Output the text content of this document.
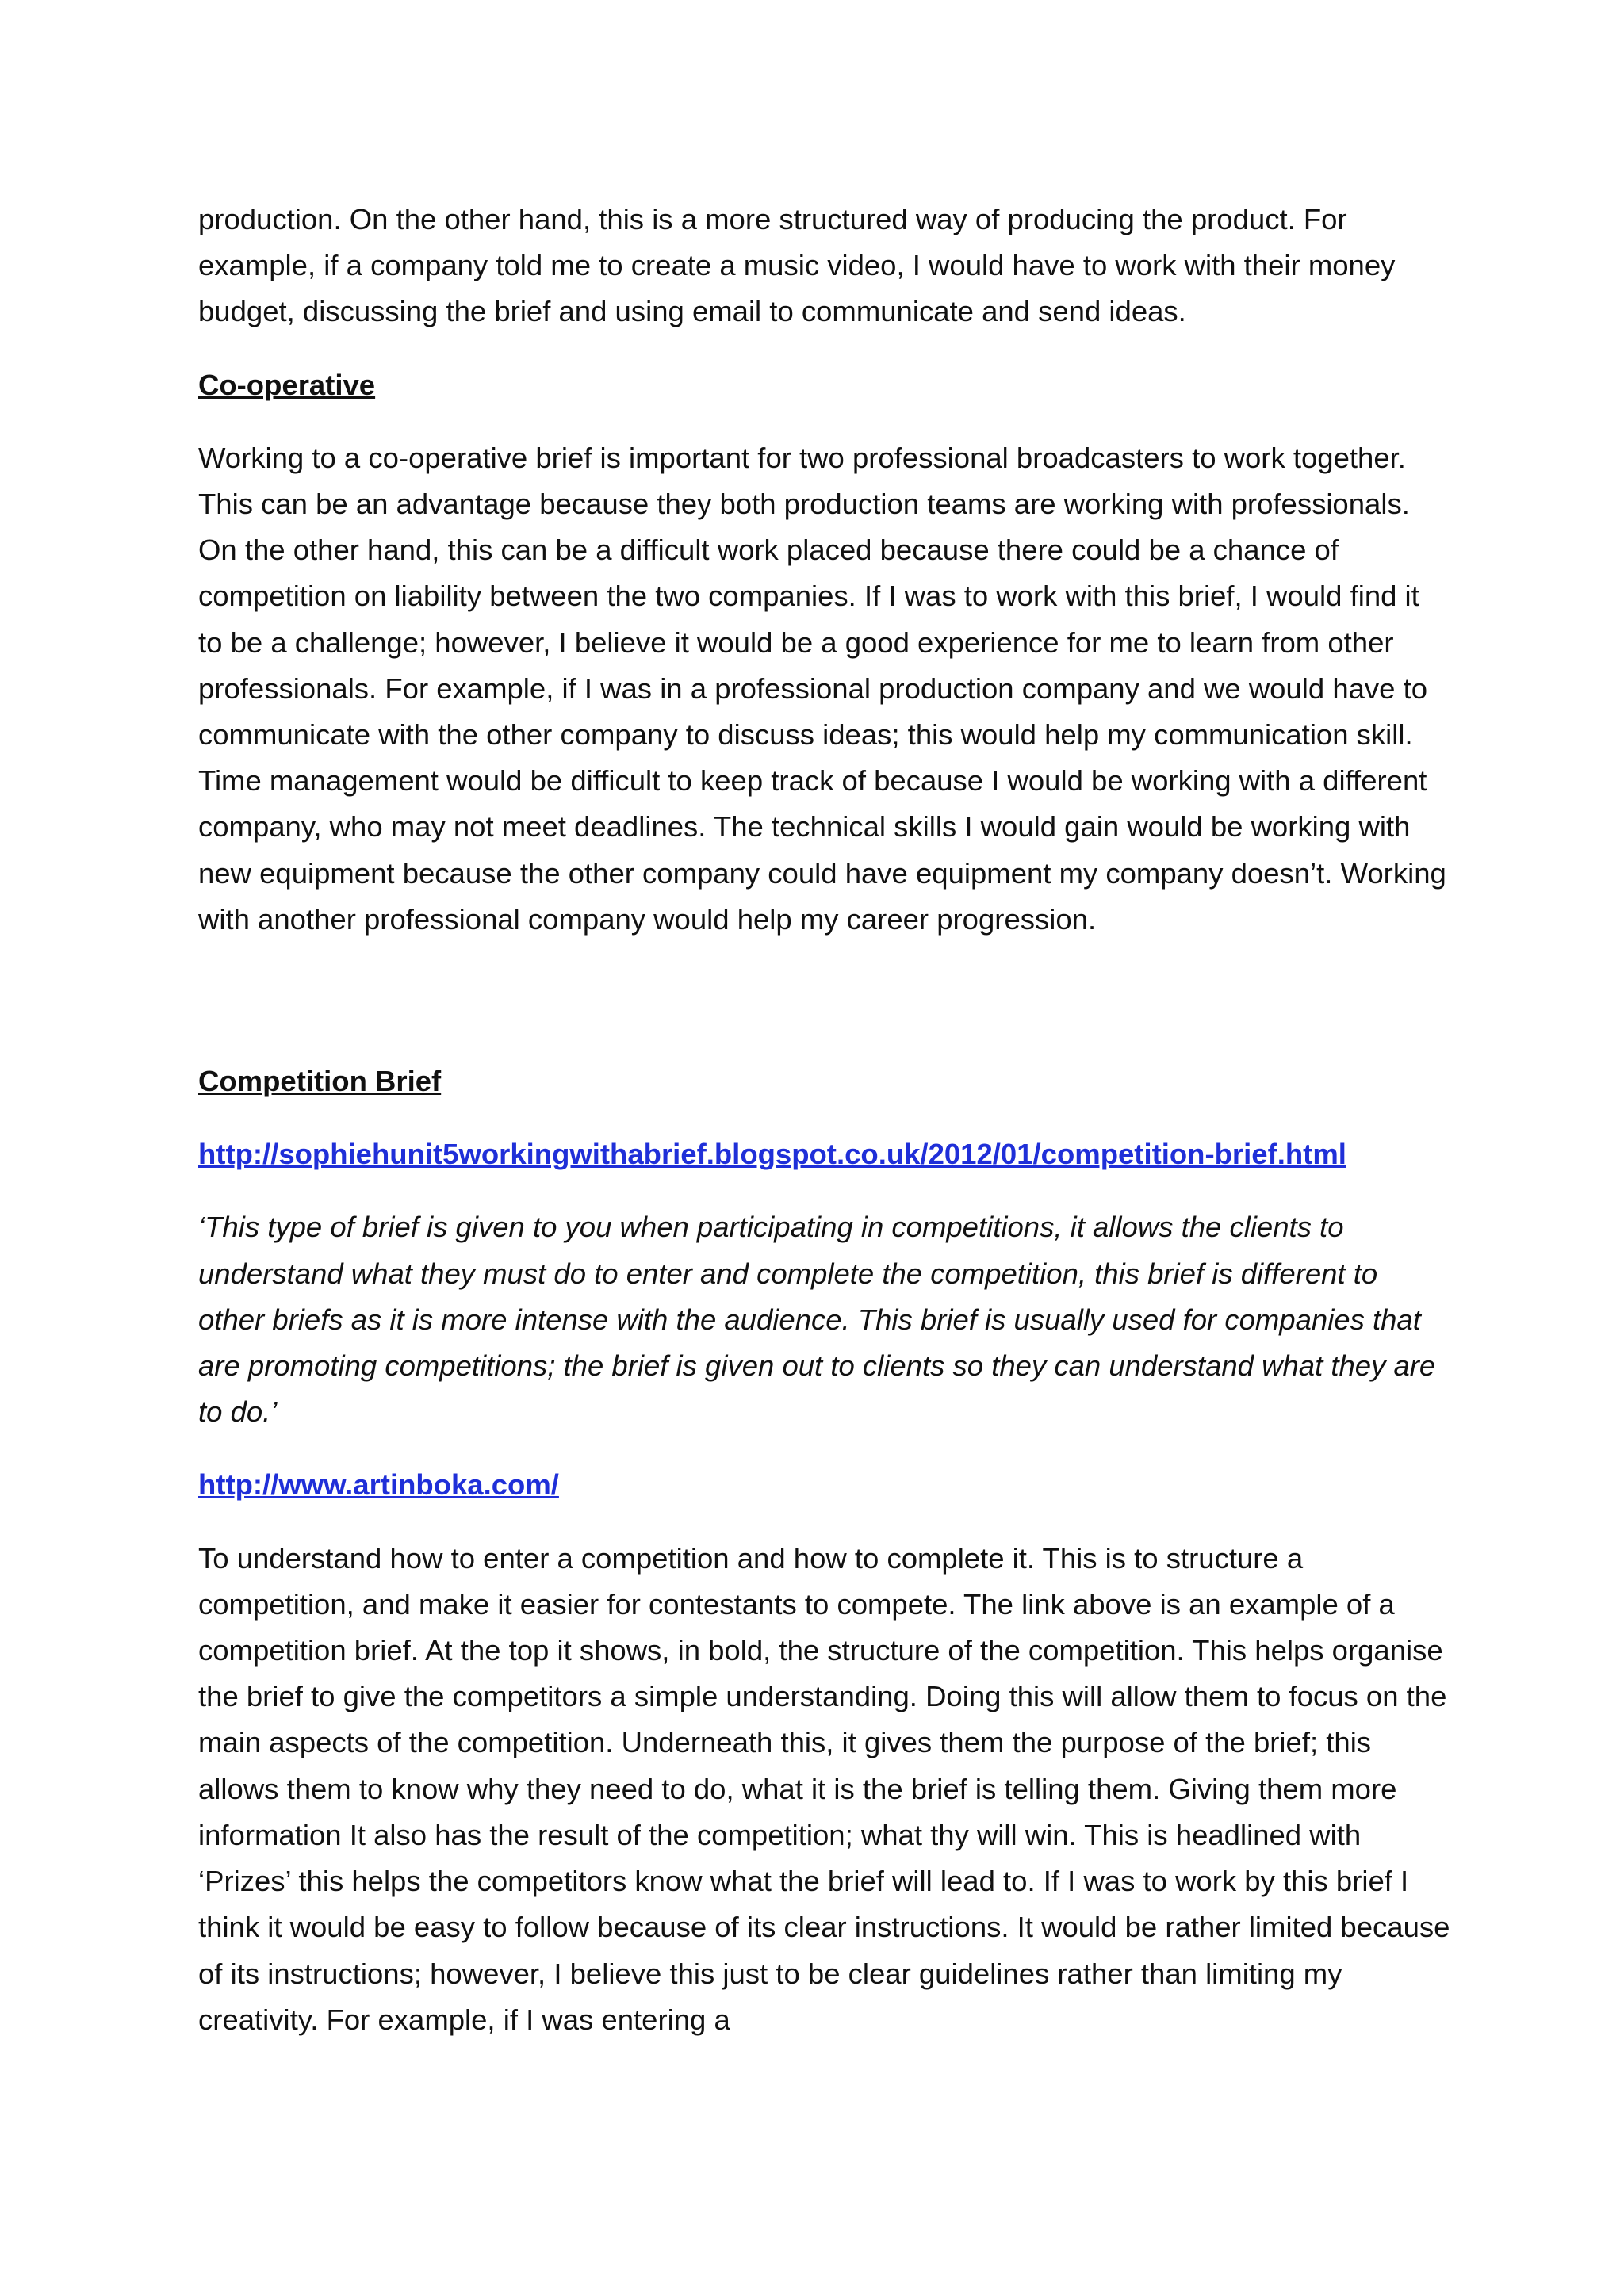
production. On the other hand, this is a more structured way of producing the product. For example, if a company told me to create a music video, I would have to work with their money budget, discussing the brief and using email to communicate and send ideas.

Co-operative

Working to a co-operative brief is important for two professional broadcasters to work together. This can be an advantage because they both production teams are working with professionals. On the other hand, this can be a difficult work placed because there could be a chance of competition on liability between the two companies. If I was to work with this brief, I would find it to be a challenge; however, I believe it would be a good experience for me to learn from other professionals. For example, if I was in a professional production company and we would have to communicate with the other company to discuss ideas; this would help my communication skill. Time management would be difficult to keep track of because I would be working with a different company, who may not meet deadlines. The technical skills I would gain would be working with new equipment because the other company could have equipment my company doesn’t. Working with another professional company would help my career progression.

Competition Brief
http://sophiehunit5workingwithabrief.blogspot.co.uk/2012/01/competition-brief.html

‘This type of brief is given to you when participating in competitions, it allows the clients to understand what they must do to enter and complete the competition, this brief is different to other briefs as it is more intense with the audience. This brief is usually used for companies that are promoting competitions; the brief is given out to clients so they can understand what they are to do.’

http://www.artinboka.com/

To understand how to enter a competition and how to complete it. This is to structure a competition, and make it easier for contestants to compete. The link above is an example of a competition brief. At the top it shows, in bold, the structure of the competition. This helps organise the brief to give the competitors a simple understanding. Doing this will allow them to focus on the main aspects of the competition. Underneath this, it gives them the purpose of the brief; this allows them to know why they need to do, what it is the brief is telling them. Giving them more information It also has the result of the competition; what thy will win. This is headlined with ‘Prizes’ this helps the competitors know what the brief will lead to. If I was to work by this brief I think it would be easy to follow because of its clear instructions. It would be rather limited because of its instructions; however, I believe this just to be clear guidelines rather than limiting my creativity. For example, if I was entering a
